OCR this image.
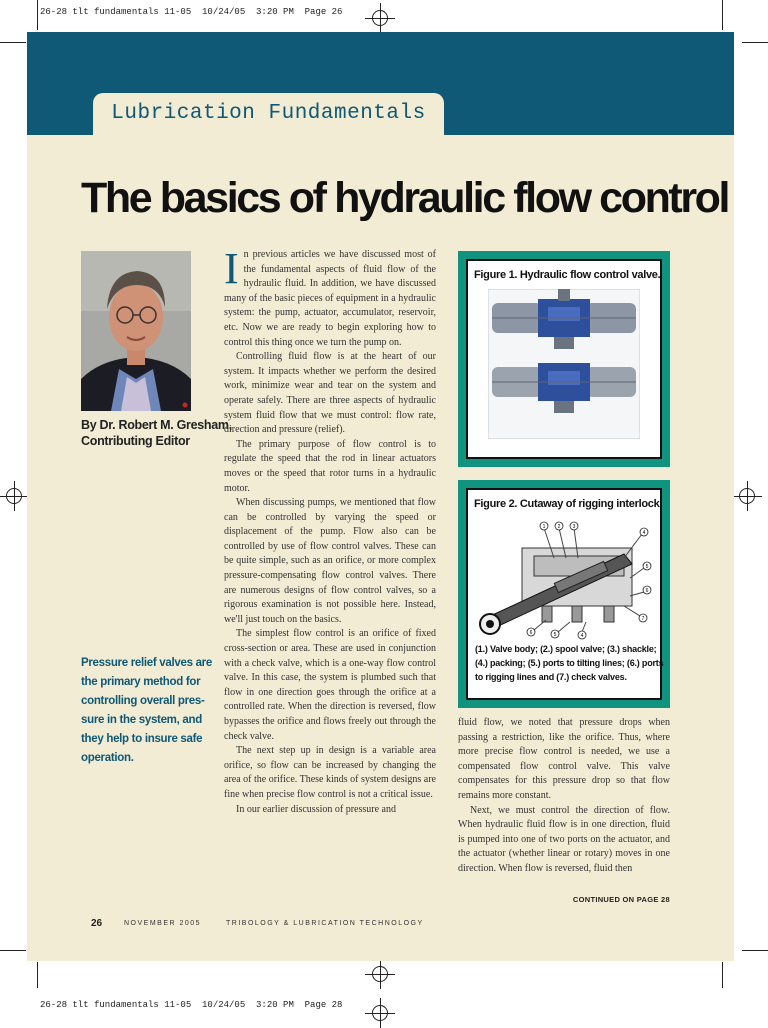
26-28 tlt fundamentals 11-05  10/24/05  3:20 PM  Page 26
26-28 tlt fundamentals 11-05  10/24/05  3:20 PM  Page 28
Lubrication Fundamentals
The basics of hydraulic flow control
By Dr. Robert M. Gresham,
Contributing Editor
Pressure relief valves are
the primary method for
controlling overall pres-
sure in the system, and
they help to insure safe
operation.

In previous articles we have discussed most of the fundamental aspects of fluid flow of the hydraulic fluid. In addition, we have discussed many of the basic pieces of equipment in a hydraulic system: the pump, actuator, accumulator, reservoir, etc. Now we are ready to begin exploring how to control this thing once we turn the pump on.

Controlling fluid flow is at the heart of our system. It impacts whether we perform the desired work, minimize wear and tear on the system and operate safely. There are three aspects of hydraulic system fluid flow that we must control: flow rate, direction and pressure (relief).

The primary purpose of flow control is to regulate the speed that the rod in linear actuators moves or the speed that rotor turns in a hydraulic motor.

When discussing pumps, we mentioned that flow can be controlled by varying the speed or displacement of the pump. Flow also can be controlled by use of flow control valves. These can be quite simple, such as an orifice, or more complex pressure-compensating flow control valves. There are numerous designs of flow control valves, so a rigorous examination is not possible here. Instead, we'll just touch on the basics.

The simplest flow control is an orifice of fixed cross-section or area. These are used in conjunction with a check valve, which is a one-way flow control valve. In this case, the system is plumbed such that flow in one direction goes through the orifice at a controlled rate. When the direction is reversed, flow bypasses the orifice and flows freely out through the check valve.

The next step up in design is a variable area orifice, so flow can be increased by changing the area of the orifice. These kinds of system designs are fine when precise flow control is not a critical issue.

In our earlier discussion of pressure and

Figure 1. Hydraulic flow control valve.
Figure 2. Cutaway of rigging interlock.
1 2 3
4
5
6
7
6	5	4
(1.) Valve body; (2.) spool valve; (3.) shackle;
(4.) packing; (5.) ports to tilting lines; (6.) ports
to rigging lines and (7.) check valves.

fluid flow, we noted that pressure drops when passing a restriction, like the orifice. Thus, where more precise flow control is needed, we use a compensated flow control valve. This valve compensates for this pressure drop so that flow remains more constant.

Next, we must control the direction of flow. When hydraulic fluid flow is in one direction, fluid is pumped into one of two ports on the actuator, and the actuator (whether linear or rotary) moves in one direction. When flow is reversed, fluid then

CONTINUED ON PAGE 28
26	NOVEMBER 2005	TRIBOLOGY & LUBRICATION TECHNOLOGY
